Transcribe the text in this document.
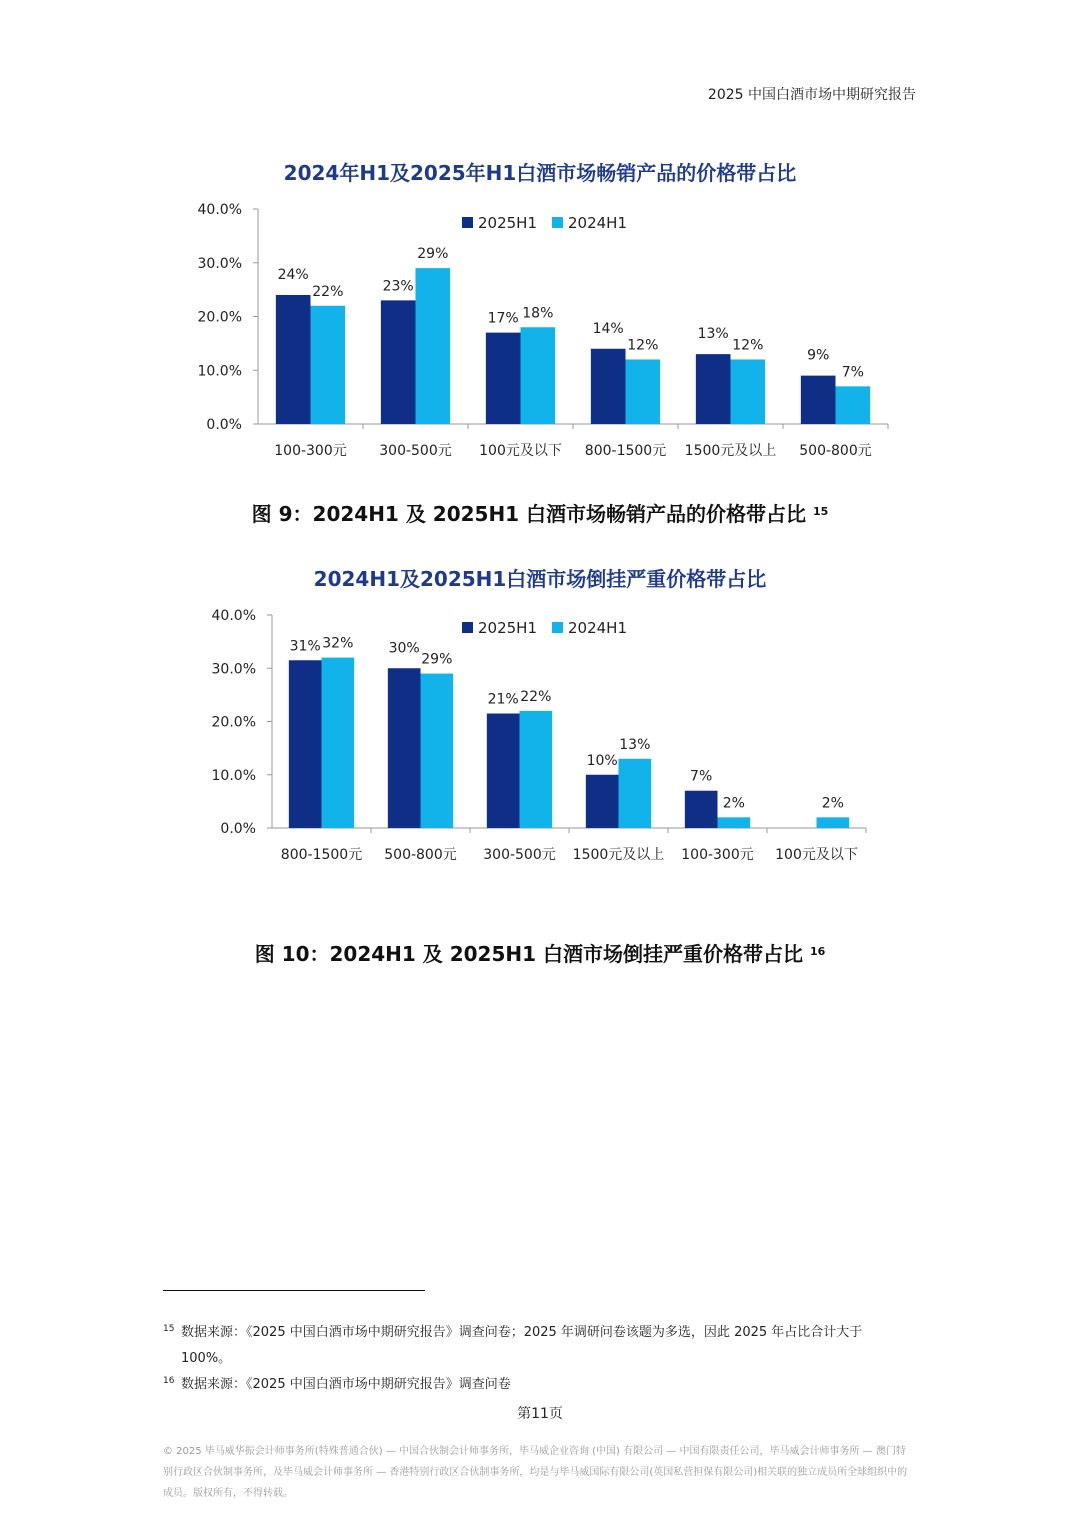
2025 中国白酒市场中期研究报告
2024年H1及2025年H1白酒市场畅销产品的价格带占比
0.0%
10.0%
20.0%
30.0%
40.0%
24%
22%
100-300元
23%
29%
300-500元
17% 18%
100元及以下
14%
12%
800-1500元
13%
12%
1500元及以上
9%
7%
500-800元
2025H1 2024H1
图 9：2024H1 及 2025H1 白酒市场畅销产品的价格带占比 $^{15}$
2024H1及2025H1白酒市场倒挂严重价格带占比
0.0%
10.0%
20.0%
30.0%
40.0%
31% 32%
800-1500元
30%
29%
500-800元
21% 22%
300-500元
10%
13%
1500元及以上
7%
2%
100-300元
2%
100元及以下
2025H1 2024H1
图 10：2024H1 及 2025H1 白酒市场倒挂严重价格带占比 $^{16}$
15 数据来源：《2025 中国白酒市场中期研究报告》调查问卷；2025 年调研问卷该题为多选，因此 2025 年占比合计大于 100%。
16 数据来源：《2025 中国白酒市场中期研究报告》调查问卷
第11页
© 2025 毕马威华振会计师事务所(特殊普通合伙) — 中国合伙制会计师事务所，毕马威企业咨询 (中国) 有限公司 — 中国有限责任公司，毕马威会计师事务所 — 澳门特别行政区合伙制事务所，及毕马威会计师事务所 — 香港特别行政区合伙制事务所，均是与毕马威国际有限公司(英国私营担保有限公司)相关联的独立成员所全球组织中的成员。版权所有，不得转载。
